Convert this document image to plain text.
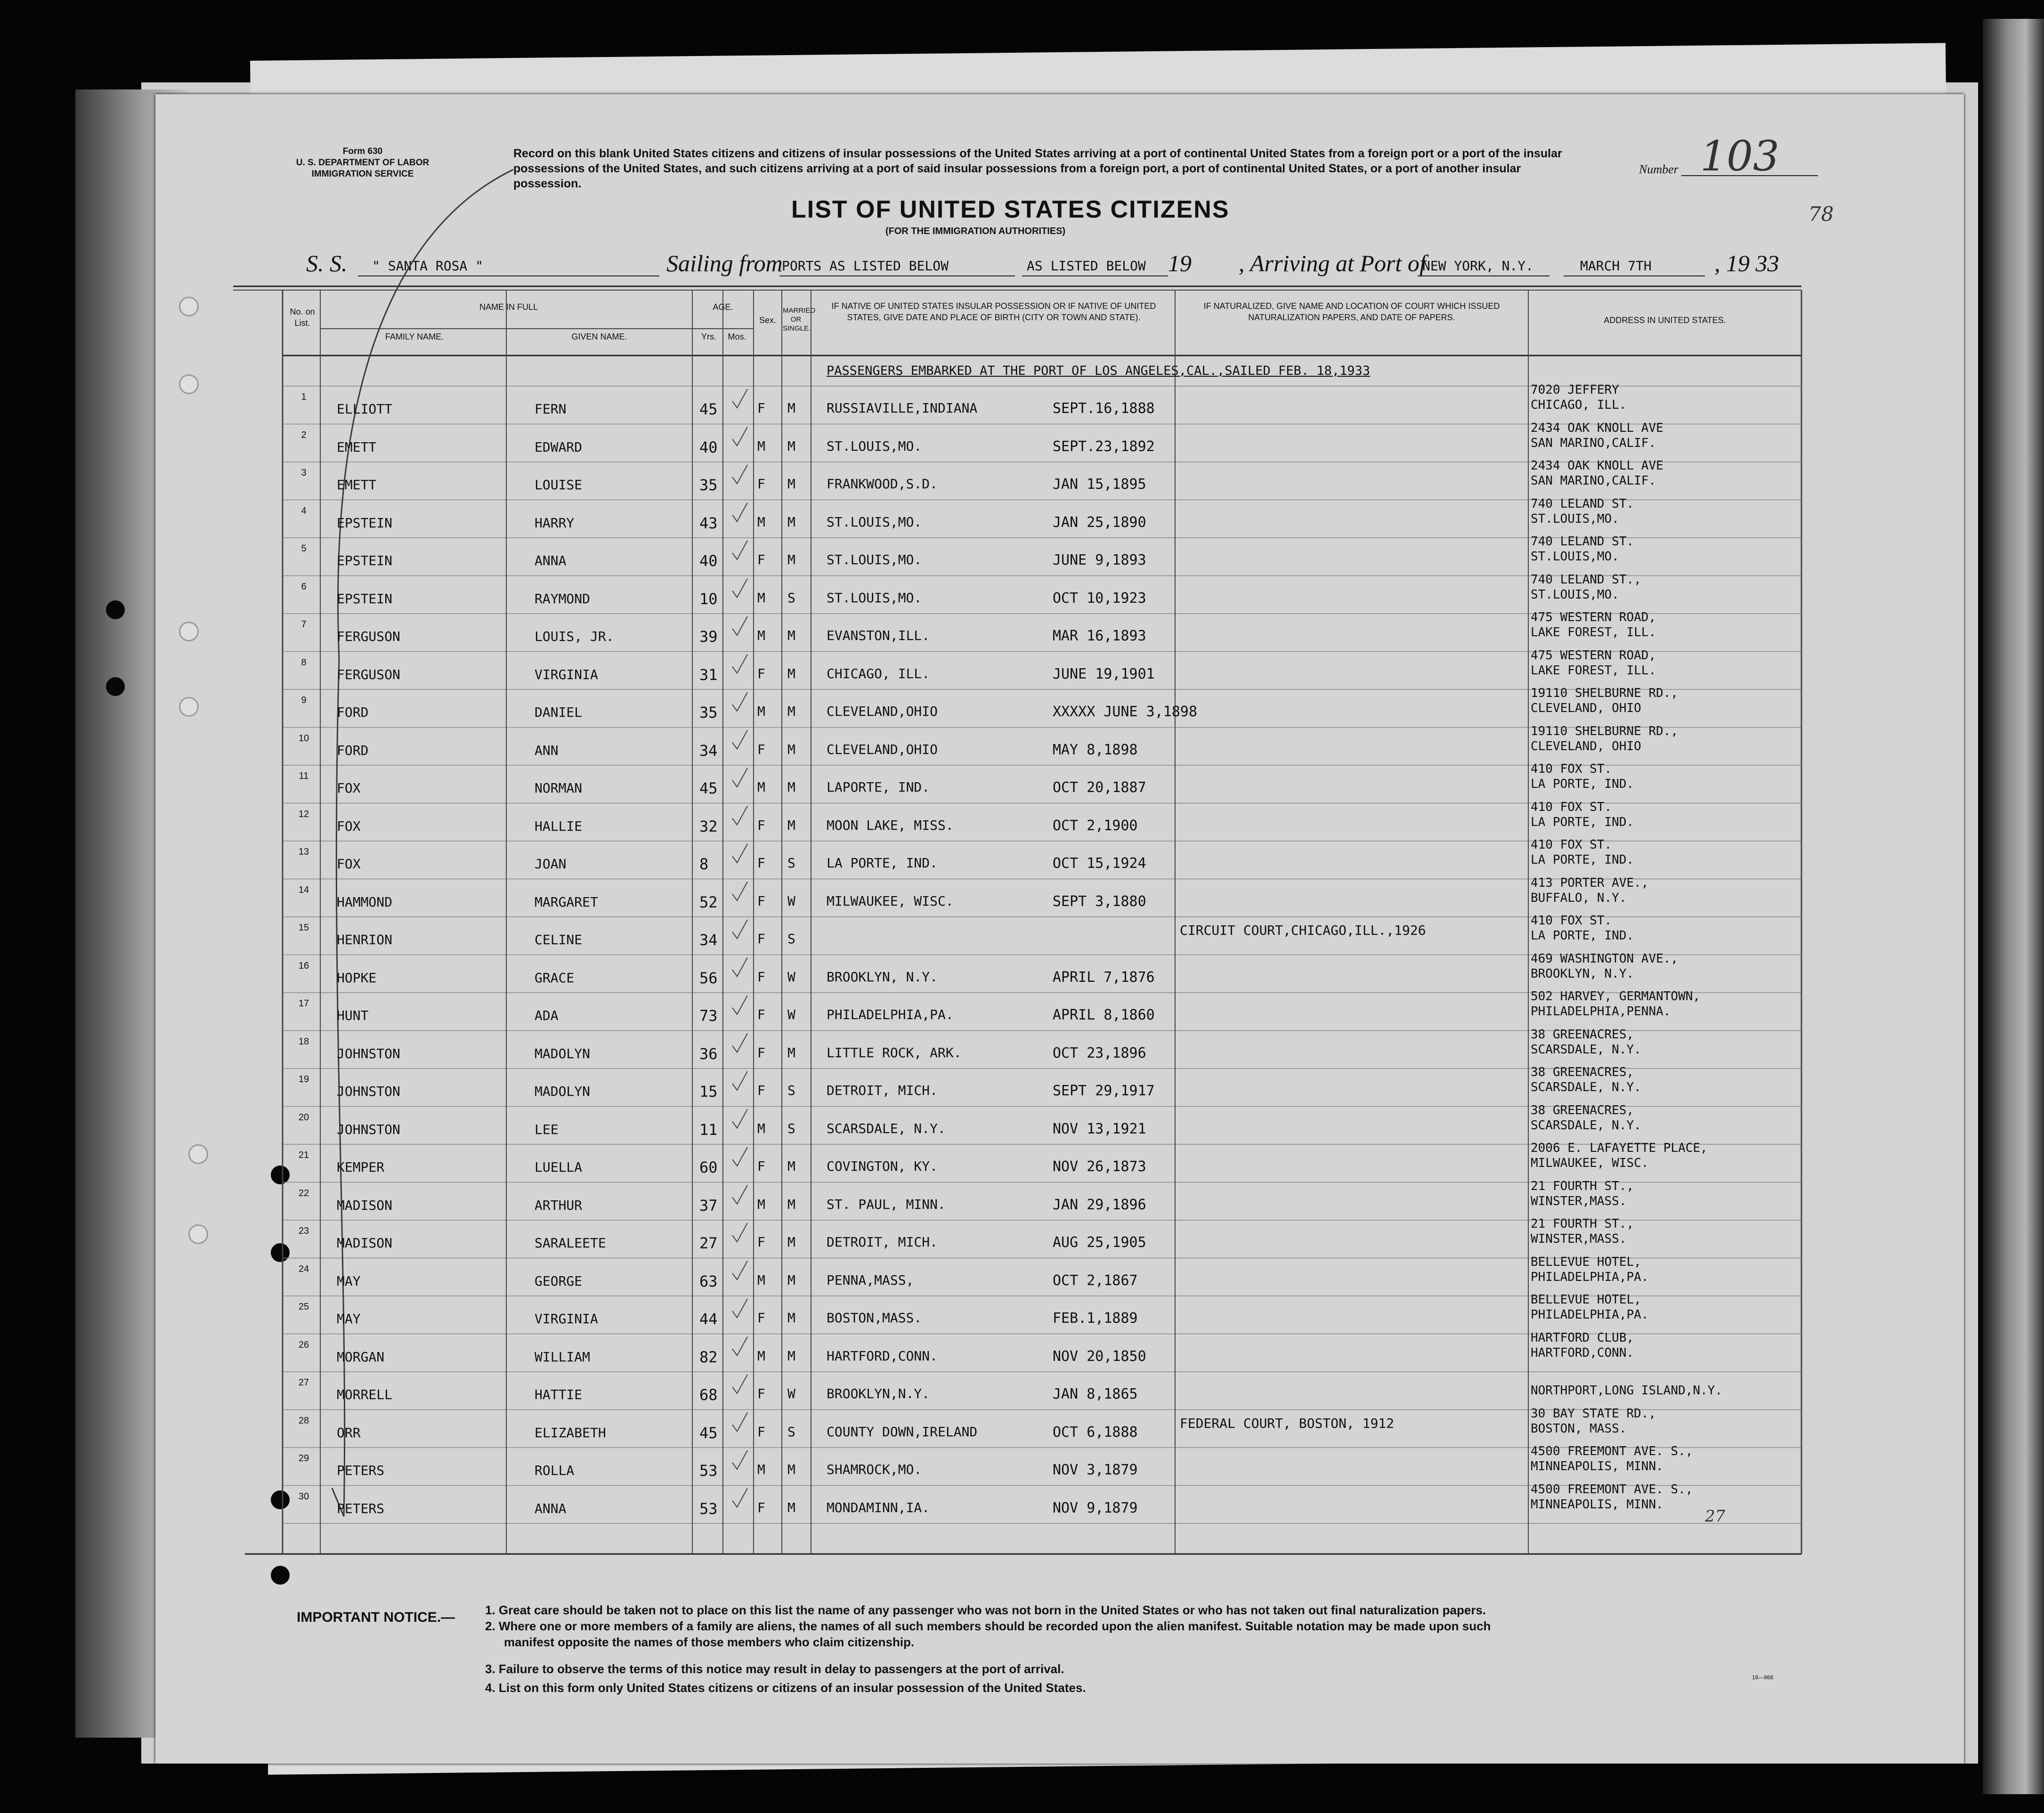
Form 630
U. S. DEPARTMENT OF LABOR
IMMIGRATION SERVICE
Record on this blank United States citizens and citizens of insular possessions of the United States arriving at a port of continental United States from a foreign port or a port of the insular possessions of the United States, and such citizens arriving at a port of said insular possessions from a foreign port, a port of continental United States, or a port of another insular possession.
Number 103
78
LIST OF UNITED STATES CITIZENS
(FOR THE IMMIGRATION AUTHORITIES)
S. S. " SANTA ROSA "	Sailing from
PORTS AS LISTED BELOW	AS LISTED BELOW 19 , Arriving at Port of
NEW YORK, N.Y.	MARCH 7TH	, 19 33
No. on List.
NAME IN FULL
FAMILY NAME.	GIVEN NAME.
AGE.
Yrs.	Mos.
Sex.
MARRIED OR SINGLE.
IF NATIVE OF UNITED STATES INSULAR POSSESSION OR IF NATIVE OF UNITED STATES, GIVE DATE AND PLACE OF BIRTH (CITY OR TOWN AND STATE).
IF NATURALIZED, GIVE NAME AND LOCATION OF COURT WHICH ISSUED NATURALIZATION PAPERS, AND DATE OF PAPERS.	ADDRESS IN UNITED STATES.
PASSENGERS EMBARKED AT THE PORT OF LOS ANGELES,CAL.,SAILED FEB. 18,1933
1
ELLIOTT	FERN	45	F M RUSSIAVILLE,INDIANA	SEPT.16,1888
7020 JEFFERY
CHICAGO, ILL.
2
EMETT	EDWARD	40	M M ST.LOUIS,MO.	SEPT.23,1892
2434 OAK KNOLL AVE
SAN MARINO,CALIF.
3
EMETT	LOUISE	35	F M FRANKWOOD,S.D.	JAN 15,1895
2434 OAK KNOLL AVE
SAN MARINO,CALIF.
4
EPSTEIN	HARRY	43	M M ST.LOUIS,MO.	JAN 25,1890
740 LELAND ST.
ST.LOUIS,MO.
5
EPSTEIN	ANNA	40	F M ST.LOUIS,MO.	JUNE 9,1893
740 LELAND ST.
ST.LOUIS,MO.
6
EPSTEIN	RAYMOND	10	M S ST.LOUIS,MO.	OCT 10,1923
740 LELAND ST.,
ST.LOUIS,MO.
7
FERGUSON	LOUIS, JR.	39	M M EVANSTON,ILL.	MAR 16,1893
475 WESTERN ROAD,
LAKE FOREST, ILL.
8
FERGUSON	VIRGINIA	31	F M CHICAGO, ILL.	JUNE 19,1901
475 WESTERN ROAD,
LAKE FOREST, ILL.
9
FORD	DANIEL	35	M M CLEVELAND,OHIO	XXXXX JUNE 3,1898
19110 SHELBURNE RD.,
CLEVELAND, OHIO
10
FORD	ANN	34	F M CLEVELAND,OHIO	MAY 8,1898
19110 SHELBURNE RD.,
CLEVELAND, OHIO
11
FOX	NORMAN	45	M M LAPORTE, IND.	OCT 20,1887
410 FOX ST.
LA PORTE, IND.
12
FOX	HALLIE	32	F M MOON LAKE, MISS.	OCT 2,1900
410 FOX ST.
LA PORTE, IND.
13
FOX	JOAN	8	F S LA PORTE, IND.	OCT 15,1924
410 FOX ST.
LA PORTE, IND.
14
HAMMOND	MARGARET	52	F W MILWAUKEE, WISC.	SEPT 3,1880
413 PORTER AVE.,
BUFFALO, N.Y.
15
HENRION	CELINE	34	F S
CIRCUIT COURT,CHICAGO,ILL.,1926
410 FOX ST.
LA PORTE, IND.
16
HOPKE	GRACE	56	F W BROOKLYN, N.Y.	APRIL 7,1876
469 WASHINGTON AVE.,
BROOKLYN, N.Y.
17
HUNT	ADA	73	F W PHILADELPHIA,PA.	APRIL 8,1860
502 HARVEY, GERMANTOWN,
PHILADELPHIA,PENNA.
18
JOHNSTON	MADOLYN	36	F M LITTLE ROCK, ARK.	OCT 23,1896
38 GREENACRES,
SCARSDALE, N.Y.
19
JOHNSTON	MADOLYN	15	F S DETROIT, MICH.	SEPT 29,1917
38 GREENACRES,
SCARSDALE, N.Y.
20
JOHNSTON	LEE	11	M S SCARSDALE, N.Y.	NOV 13,1921
38 GREENACRES,
SCARSDALE, N.Y.
21
KEMPER	LUELLA	60	F M COVINGTON, KY.	NOV 26,1873
2006 E. LAFAYETTE PLACE,
MILWAUKEE, WISC.
22
MADISON	ARTHUR	37	M M ST. PAUL, MINN.	JAN 29,1896
21 FOURTH ST.,
WINSTER,MASS.
23
MADISON	SARALEETE	27	F M DETROIT, MICH.	AUG 25,1905
21 FOURTH ST.,
WINSTER,MASS.
24
MAY	GEORGE	63	M M PENNA,MASS,	OCT 2,1867
BELLEVUE HOTEL,
PHILADELPHIA,PA.
25
MAY	VIRGINIA	44	F M BOSTON,MASS.	FEB.1,1889
BELLEVUE HOTEL,
PHILADELPHIA,PA.
26
MORGAN	WILLIAM	82	M M HARTFORD,CONN.	NOV 20,1850
HARTFORD CLUB,
HARTFORD,CONN.
27
MORRELL	HATTIE	68	F W BROOKLYN,N.Y.	JAN 8,1865	NORTHPORT,LONG ISLAND,N.Y.
28
ORR	ELIZABETH	45	F S COUNTY DOWN,IRELAND	OCT 6,1888
FEDERAL COURT, BOSTON, 1912
30 BAY STATE RD.,
BOSTON, MASS.
29
PETERS	ROLLA	53	M M SHAMROCK,MO.	NOV 3,1879
4500 FREEMONT AVE. S.,
MINNEAPOLIS, MINN.
30
PETERS	ANNA	53	F M MONDAMINN,IA.	NOV 9,1879
4500 FREEMONT AVE. S.,
MINNEAPOLIS, MINN.
27
IMPORTANT NOTICE.— 1. Great care should be taken not to place on this list the name of any passenger who was not born in the United States or who has not taken out final naturalization papers.
2. Where one or more members of a family are aliens, the names of all such members should be recorded upon the alien manifest. Suitable notation may be made upon such
manifest opposite the names of those members who claim citizenship.
3. Failure to observe the terms of this notice may result in delay to passengers at the port of arrival.
4. List on this form only United States citizens or citizens of an insular possession of the United States.
16—866
